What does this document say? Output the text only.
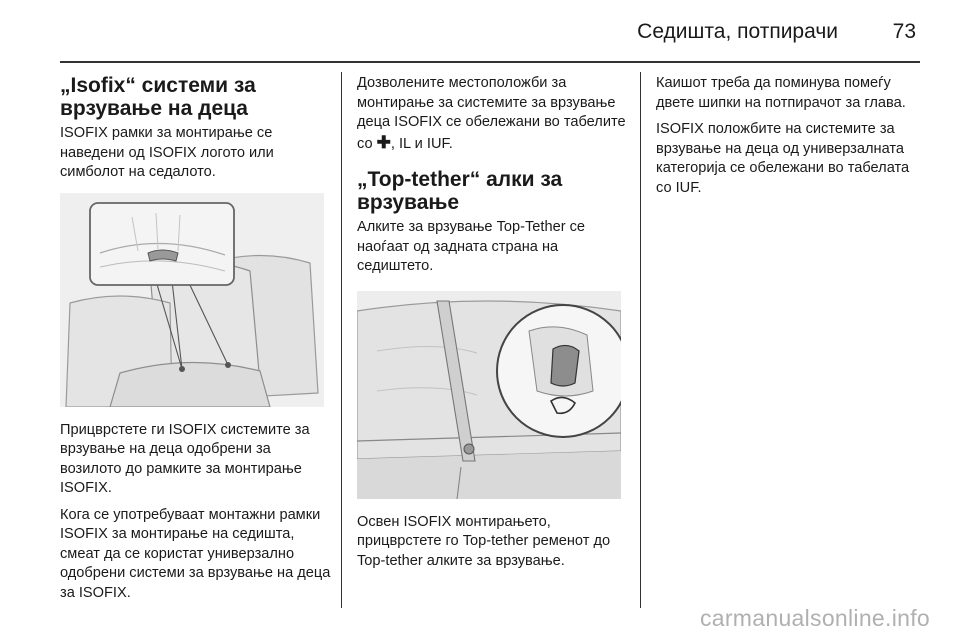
Седишта, потпирачи	73
„Isofix“ системи за врзување на деца

ISOFIX рамки за монтирање се наведени од ISOFIX логото или симболот на седалото.

Прицврстете ги ISOFIX системите за врзување на деца одобрени за возилото до рамките за монтирање ISOFIX.

Кога се употребуваат монтажни рамки ISOFIX за монтирање на седишта, смеат да се користат универзално одобрени системи за врзување на деца за ISOFIX.

Дозволените местоположби за монтирање за системите за врзување деца ISOFIX се обележани во табелите со ✚, IL и IUF.

„Top-tether“ алки за врзување

Алките за врзување Top-Tether се наоѓаат од задната страна на седиштето.

Освен ISOFIX монтирањето, прицврстете го Top-tether ременот до Top-tether алките за врзување.

Каишот треба да поминува помеѓу двете шипки на потпирачот за глава.

ISOFIX положбите на системите за врзување на деца од универзалната категорија се обележани во табелата со IUF.

carmanualsonline.info
